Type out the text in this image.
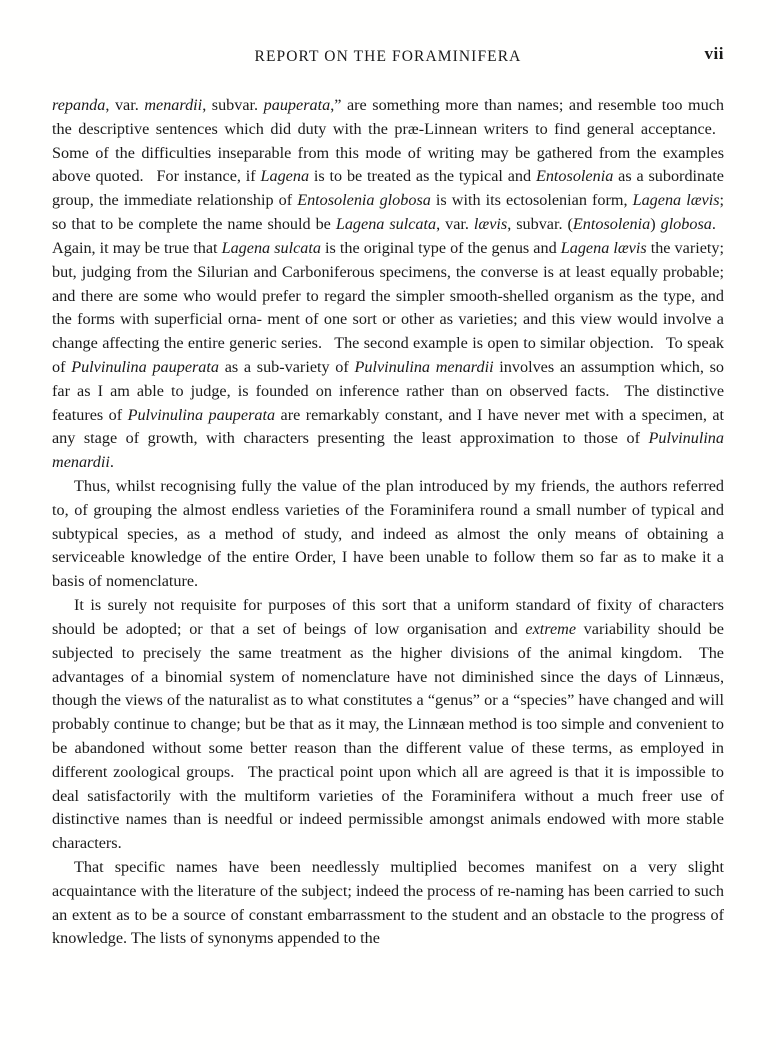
REPORT ON THE FORAMINIFERA	vii

repanda, var. menardii, subvar. pauperata,” are something more than names; and resemble too much the descriptive sentences which did duty with the præ-Linnean writers to find general acceptance.  Some of the difficulties inseparable from this mode of writing may be gathered from the examples above quoted.  For instance, if Lagena is to be treated as the typical and Entosolenia as a subordinate group, the immediate relationship of Entosolenia globosa is with its ectosolenian form, Lagena lævis; so that to be complete the name should be Lagena sulcata, var. lævis, subvar. (Entosolenia) globosa.  Again, it may be true that Lagena sulcata is the original type of the genus and Lagena lævis the variety; but, judging from the Silurian and Carboniferous specimens, the converse is at least equally probable; and there are some who would prefer to regard the simpler smooth-shelled organism as the type, and the forms with superficial orna- ment of one sort or other as varieties; and this view would involve a change affecting the entire generic series.  The second example is open to similar objection.  To speak of Pulvinulina pauperata as a sub-variety of Pulvinulina menardii involves an assumption which, so far as I am able to judge, is founded on inference rather than on observed facts.  The distinctive features of Pulvinulina pauperata are remarkably constant, and I have never met with a specimen, at any stage of growth, with characters presenting the least approximation to those of Pulvinulina menardii.

Thus, whilst recognising fully the value of the plan introduced by my friends, the authors referred to, of grouping the almost endless varieties of the Foraminifera round a small number of typical and subtypical species, as a method of study, and indeed as almost the only means of obtaining a serviceable knowledge of the entire Order, I have been unable to follow them so far as to make it a basis of nomenclature.

It is surely not requisite for purposes of this sort that a uniform standard of fixity of characters should be adopted; or that a set of beings of low organisation and extreme variability should be subjected to precisely the same treatment as the higher divisions of the animal kingdom.  The advantages of a binomial system of nomenclature have not diminished since the days of Linnæus, though the views of the naturalist as to what constitutes a “genus” or a “species” have changed and will probably continue to change; but be that as it may, the Linnæan method is too simple and convenient to be abandoned without some better reason than the different value of these terms, as employed in different zoological groups.  The practical point upon which all are agreed is that it is impossible to deal satisfactorily with the multiform varieties of the Foraminifera without a much freer use of distinctive names than is needful or indeed permissible amongst animals endowed with more stable characters.

That specific names have been needlessly multiplied becomes manifest on a very slight acquaintance with the literature of the subject; indeed the process of re-naming has been carried to such an extent as to be a source of constant embarrassment to the student and an obstacle to the progress of knowledge. The lists of synonyms appended to the
